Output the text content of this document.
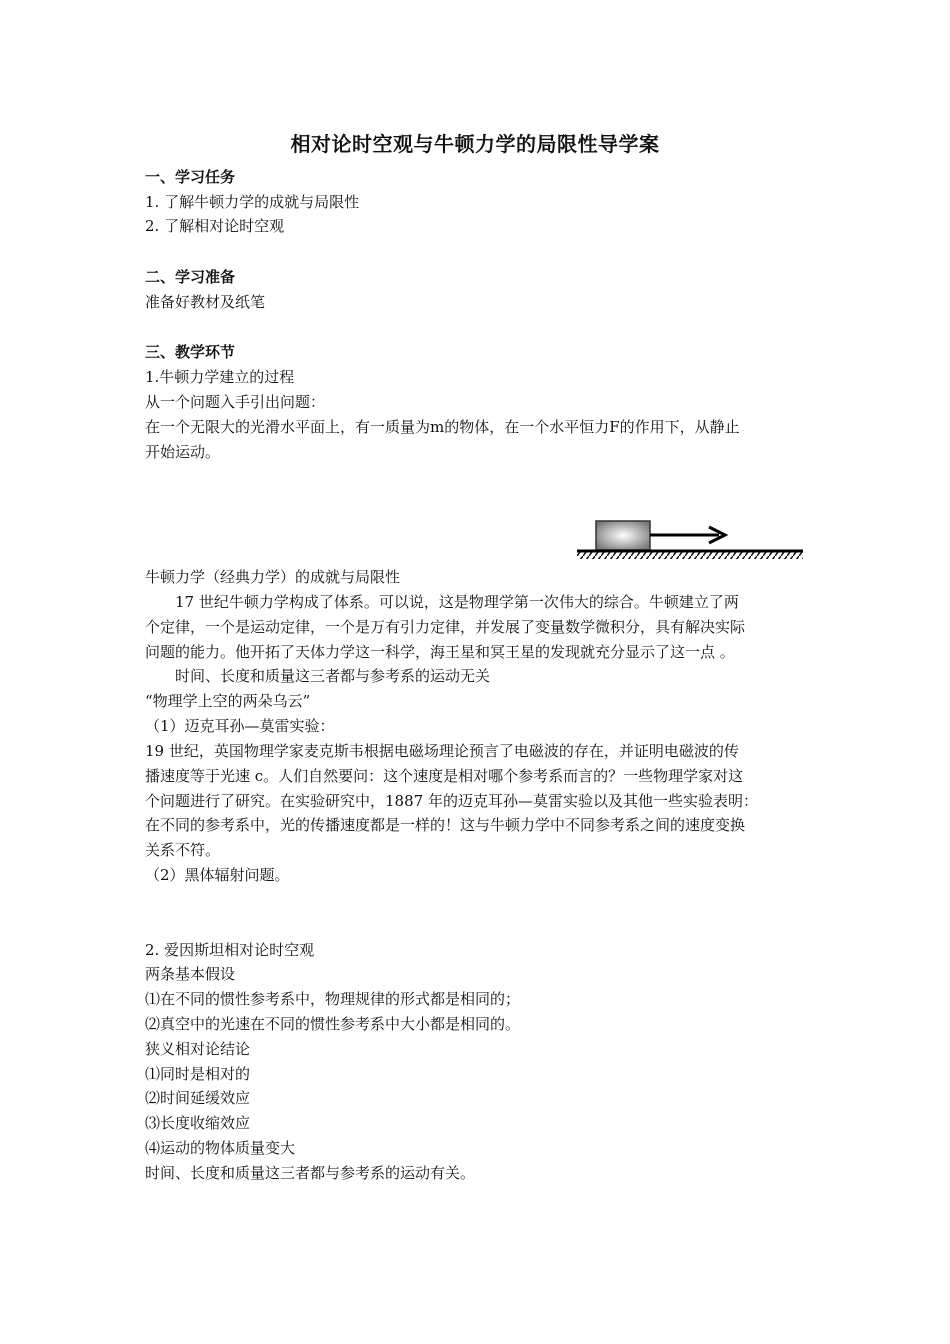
相对论时空观与牛顿力学的局限性导学案
一、学习任务
1. 了解牛顿力学的成就与局限性
2. 了解相对论时空观
二、学习准备
准备好教材及纸笔
三、教学环节
1.牛顿力学建立的过程
从一个问题入手引出问题：
在一个无限大的光滑水平面上，有一质量为m的物体，在一个水平恒力F的作用下，从静止
开始运动。
牛顿力学（经典力学）的成就与局限性
17 世纪牛顿力学构成了体系。可以说，这是物理学第一次伟大的综合。牛顿建立了两
个定律，一个是运动定律，一个是万有引力定律，并发展了变量数学微积分，具有解决实际
问题的能力。他开拓了天体力学这一科学，海王星和冥王星的发现就充分显示了这一点 。
时间、长度和质量这三者都与参考系的运动无关
“物理学上空的两朵乌云”
（1）迈克耳孙—莫雷实验：
19 世纪，英国物理学家麦克斯韦根据电磁场理论预言了电磁波的存在，并证明电磁波的传
播速度等于光速 c。人们自然要问：这个速度是相对哪个参考系而言的？一些物理学家对这
个问题进行了研究。在实验研究中，1887 年的迈克耳孙—莫雷实验以及其他一些实验表明：
在不同的参考系中，光的传播速度都是一样的！这与牛顿力学中不同参考系之间的速度变换
关系不符。
（2）黑体辐射问题。
2. 爱因斯坦相对论时空观
两条基本假设
⑴在不同的惯性参考系中，物理规律的形式都是相同的；
⑵真空中的光速在不同的惯性参考系中大小都是相同的。
狭义相对论结论
⑴同时是相对的
⑵时间延缓效应
⑶长度收缩效应
⑷运动的物体质量变大
时间、长度和质量这三者都与参考系的运动有关。
